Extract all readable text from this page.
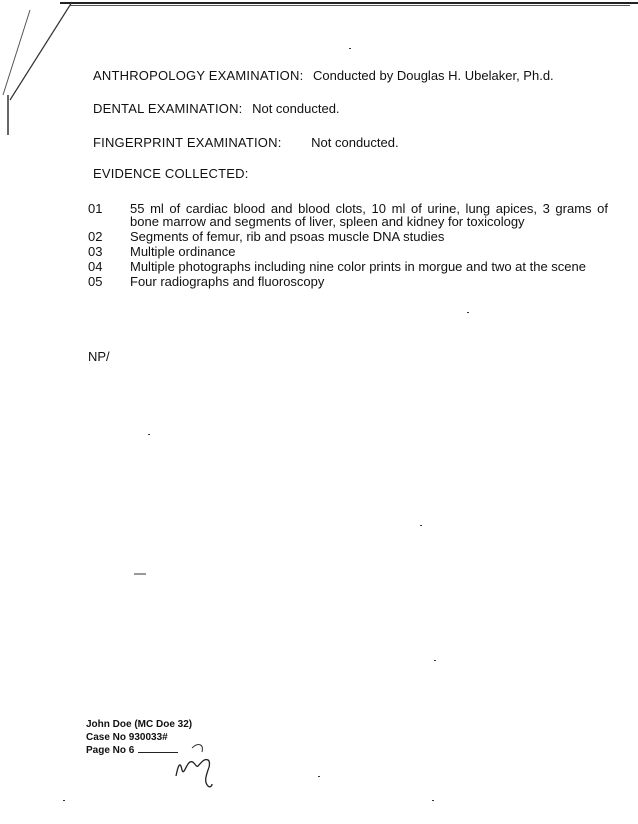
ANTHROPOLOGY EXAMINATION: Conducted by Douglas H. Ubelaker, Ph.d.
DENTAL EXAMINATION: Not conducted.
FINGERPRINT EXAMINATION: Not conducted.
EVIDENCE COLLECTED:
01	55 ml of cardiac blood and blood clots, 10 ml of urine, lung apices, 3 grams of bone marrow and segments of liver, spleen and kidney for toxicology
02	Segments of femur, rib and psoas muscle DNA studies
03	Multiple ordinance
04	Multiple photographs including nine color prints in morgue and two at the scene
05	Four radiographs and fluoroscopy
NP/
John Doe (MC Doe 32)
Case No 930033#
Page No 6
